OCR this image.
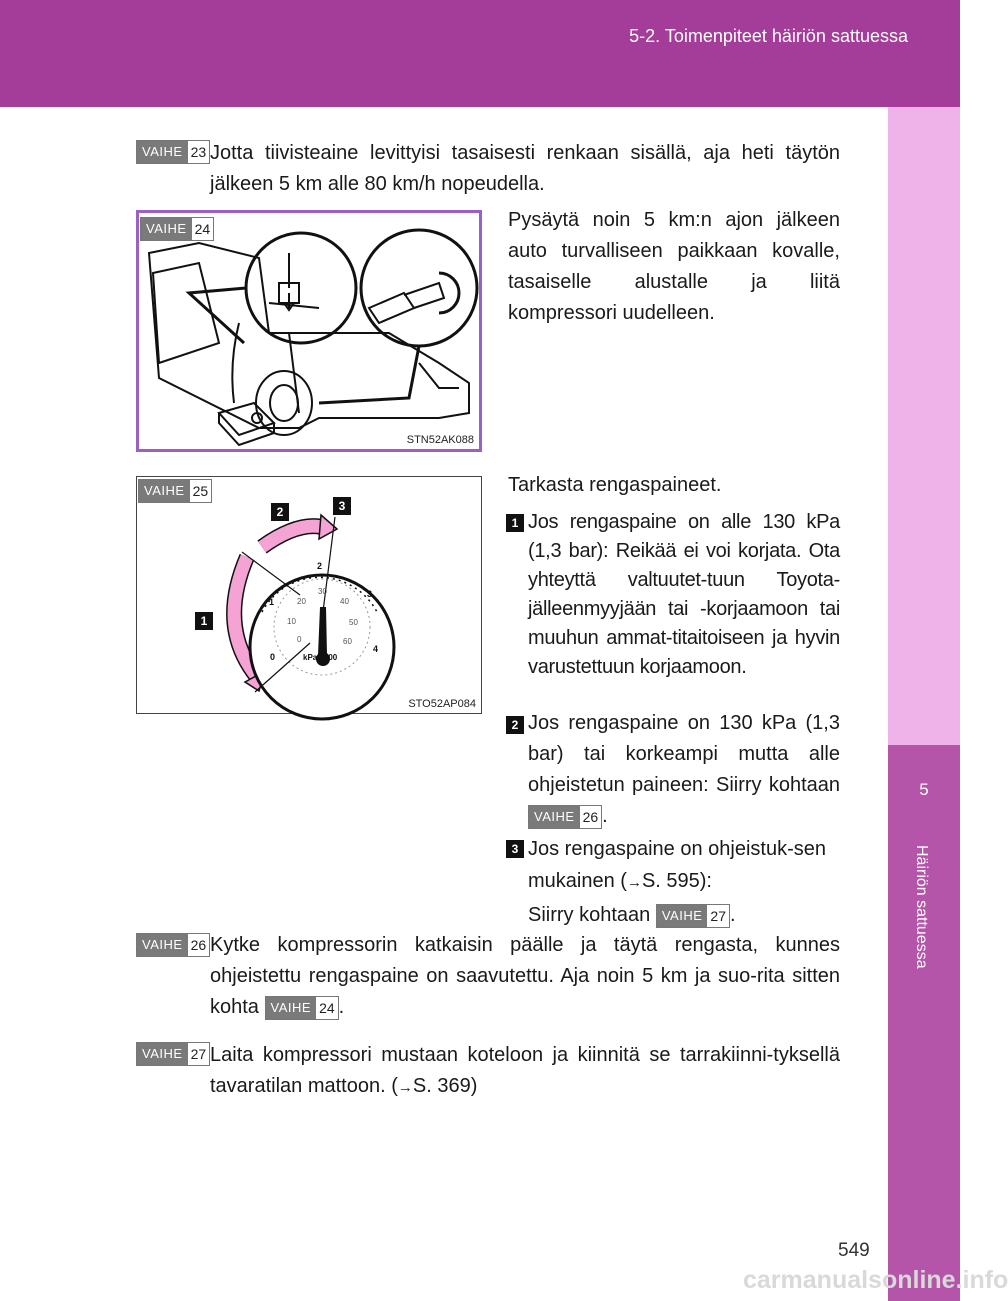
5-2. Toimenpiteet häiriön sattuessa
5
Häiriön sattuessa
VAIHE 23 Jotta tiivisteaine levittyisi tasaisesti renkaan sisällä, aja heti täytön jälkeen 5 km alle 80 km/h nopeudella.
VAIHE 24
STN52AK088
Pysäytä noin 5 km:n ajon jälkeen auto turvalliseen paikkaan kovalle, tasaiselle alustalle ja liitä kompressori uudelleen.
VAIHE 25
0
1
2
3
4
0
10
20
30
40
50
60
kPa x100
2	3
1
STO52AP084
Tarkasta rengaspaineet.
1 Jos rengaspaine on alle 130 kPa (1,3 bar): Reikää ei voi korjata. Ota yhteyttä valtuutet-tuun Toyota-jälleenmyyjään tai -korjaamoon tai muuhun ammat-titaitoiseen ja hyvin varustettuun korjaamoon.
2 Jos rengaspaine on 130 kPa (1,3 bar) tai korkeampi mutta alle ohjeistetun paineen: Siirry kohtaan
VAIHE 26 .
3 Jos rengaspaine on ohjeistuk-sen mukainen (→S. 595):
Siirry kohtaan VAIHE 27 .
VAIHE 26 Kytke kompressorin katkaisin päälle ja täytä rengasta, kunnes ohjeistettu rengaspaine on saavutettu. Aja noin 5 km ja suo-rita sitten kohta VAIHE 24 .
VAIHE 27 Laita kompressori mustaan koteloon ja kiinnitä se tarrakiinni-tyksellä tavaratilan mattoon. (→S. 369)
549
carmanualsonline.info
